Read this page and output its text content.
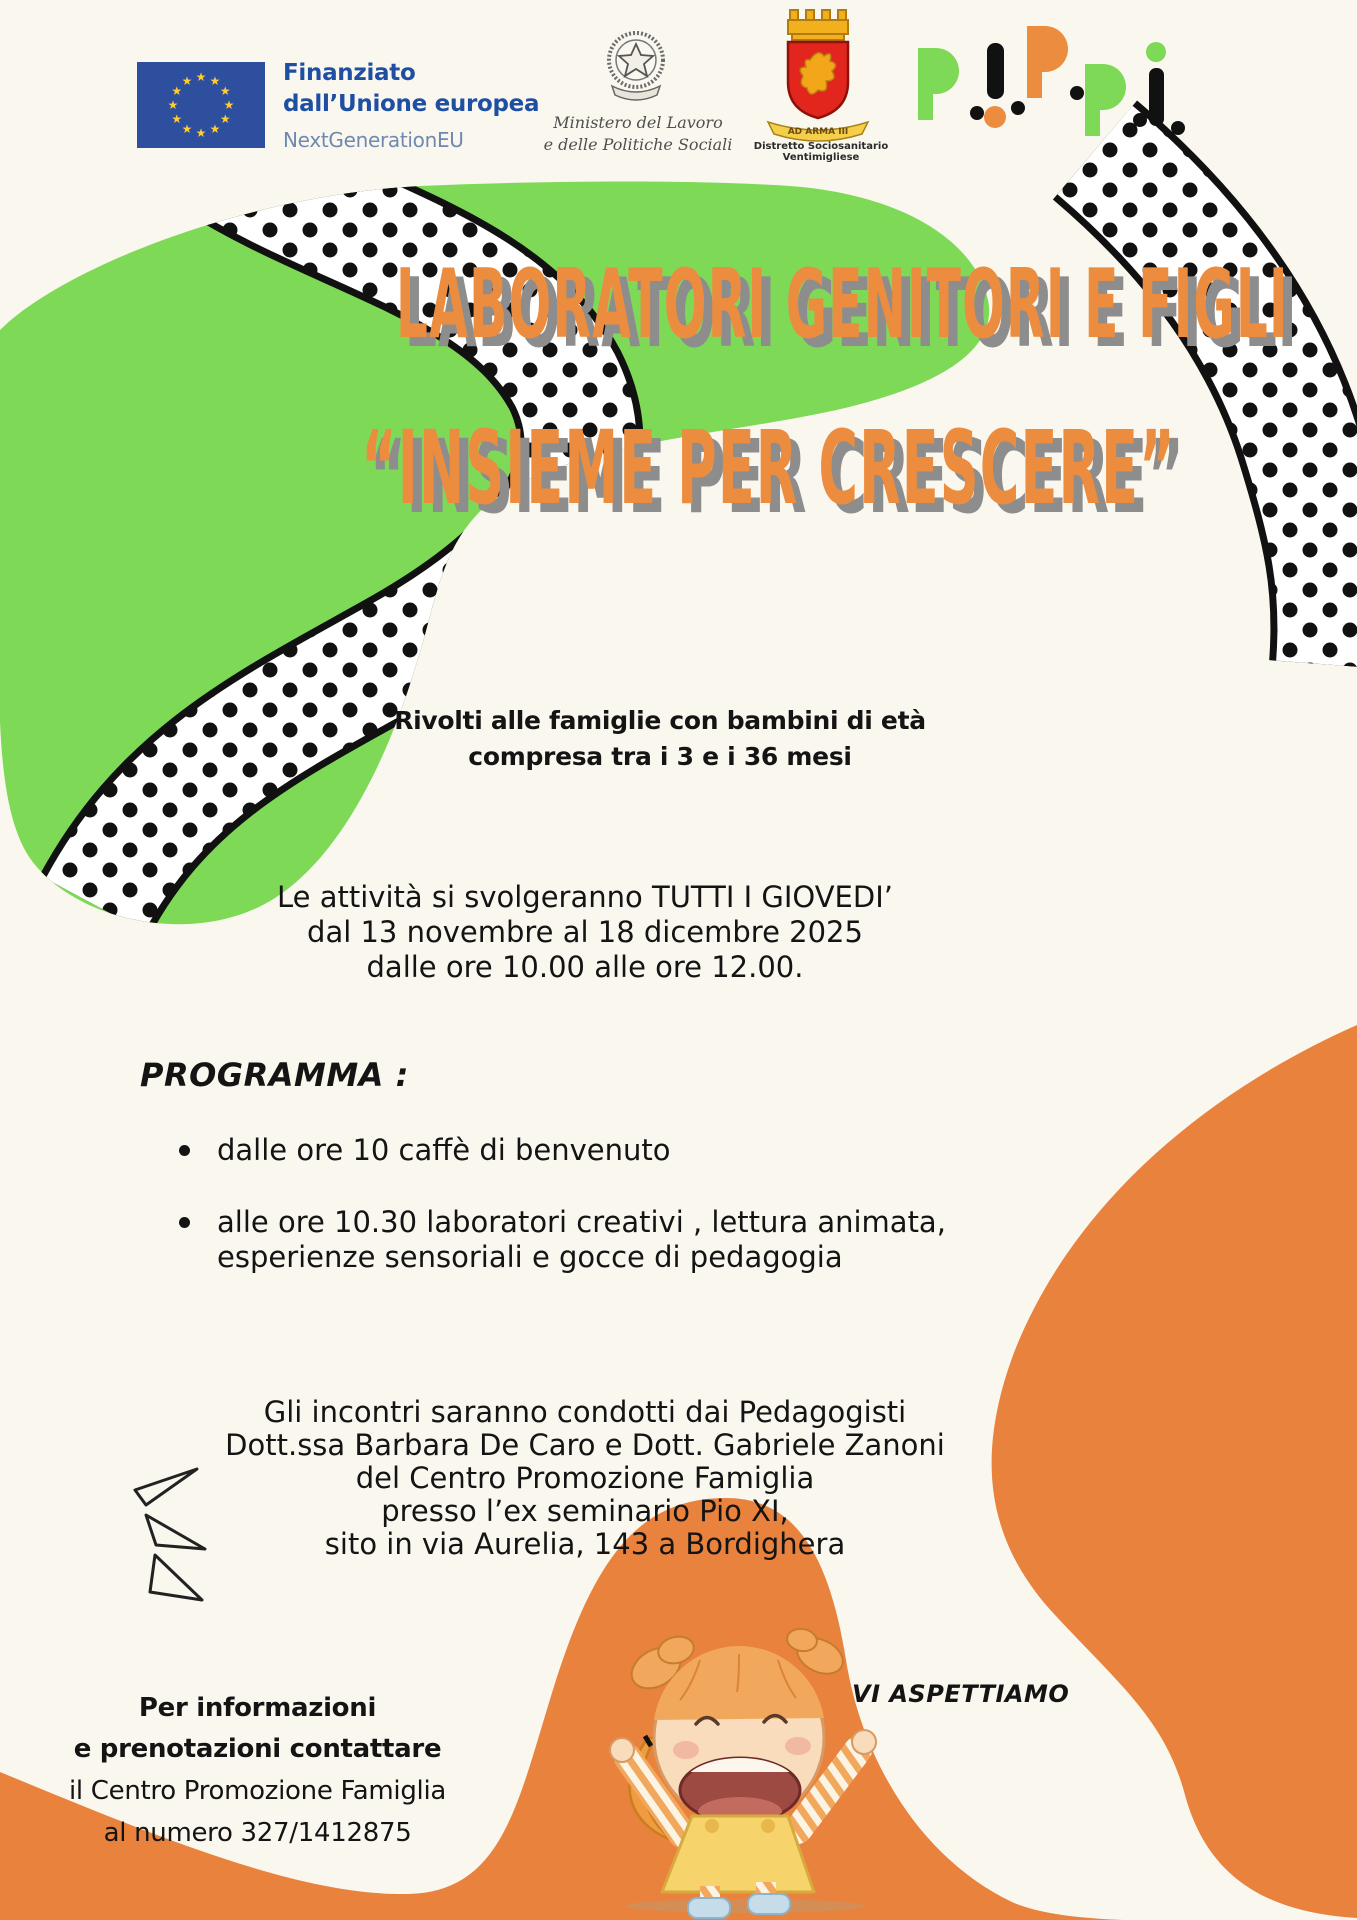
★ ★
★
★
★
★
★
★
★
★
★
★	Finanziato
dall’Unione europea
NextGenerationEU
Ministero del Lavoro
e delle Politiche Sociali
AD ARMA III
Distretto Sociosanitario Ventimigliese
LABORATORI GENITORI E FIGLI
“INSIEME PER CRESCERE”
Rivolti alle famiglie con bambini di età
compresa tra i 3 e i 36 mesi
Le attività si svolgeranno TUTTI I GIOVEDI’
dal 13 novembre al 18 dicembre 2025
dalle ore 10.00 alle ore 12.00.
PROGRAMMA :
dalle ore 10 caffè di benvenuto
alle ore 10.30 laboratori creativi , lettura animata, esperienze sensoriali e gocce di pedagogia
Gli incontri saranno condotti dai Pedagogisti
Dott.ssa Barbara De Caro e Dott. Gabriele Zanoni
del Centro Promozione Famiglia
presso l’ex seminario Pio XI,
sito in via Aurelia, 143 a Bordighera
VI ASPETTIAMO
Per informazioni
e prenotazioni contattare
il Centro Promozione Famiglia
al numero 327/1412875
